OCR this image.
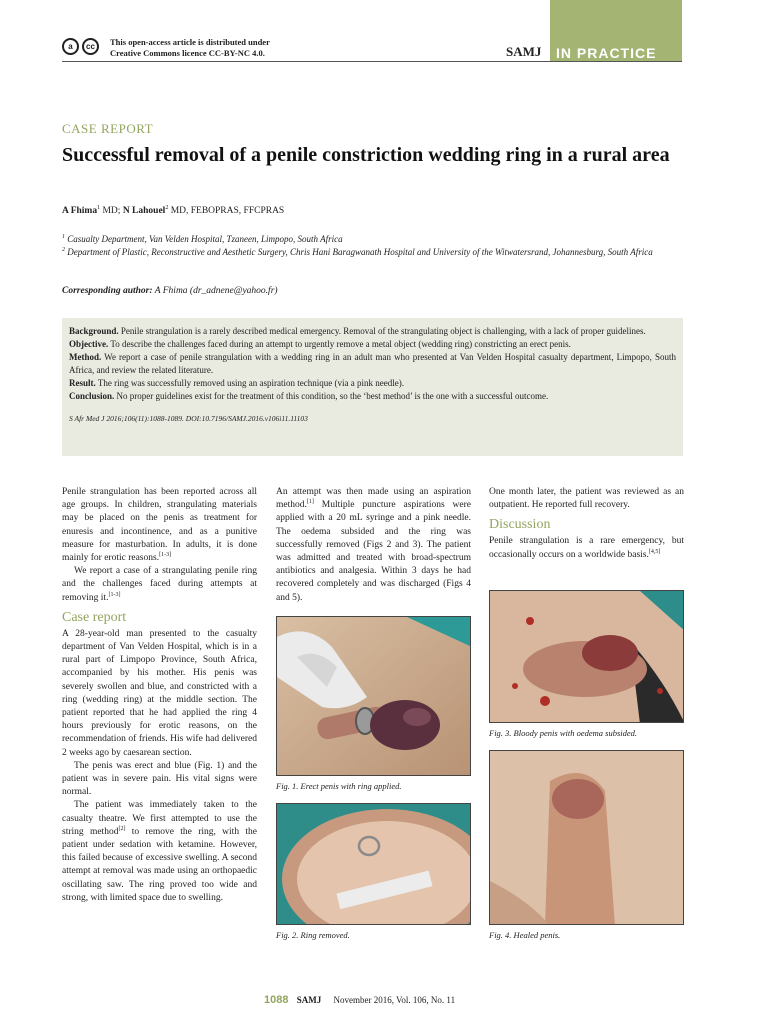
a	cc	This open-access article is distributed under
Creative Commons licence CC-BY-NC 4.0.	SAMJ IN PRACTICE
CASE REPORT
Successful removal of a penile constriction wedding ring in a rural area
A Fhima$^1$ MD; N Lahouel$^2$ MD, FEBOPRAS, FFCPRAS
$^1$ Casualty Department, Van Velden Hospital, Tzaneen, Limpopo, South Africa
$^2$ Department of Plastic, Reconstructive and Aesthetic Surgery, Chris Hani Baragwanath Hospital and University of the Witwatersrand, Johannesburg, South Africa
Corresponding author: A Fhima (dr_adnene@yahoo.fr)

Background. Penile strangulation is a rarely described medical emergency. Removal of the strangulating object is challenging, with a lack of proper guidelines.

Objective. To describe the challenges faced during an attempt to urgently remove a metal object (wedding ring) constricting an erect penis.

Method. We report a case of penile strangulation with a wedding ring in an adult man who presented at Van Velden Hospital casualty department, Limpopo, South Africa, and review the related literature.

Result. The ring was successfully removed using an aspiration technique (via a pink needle).

Conclusion. No proper guidelines exist for the treatment of this condition, so the ‘best method’ is the one with a successful outcome.

S Afr Med J 2016;106(11):1088-1089. DOI:10.7196/SAMJ.2016.v106i11.11103

Penile strangulation has been reported across all age groups. In children, strangulating materials may be placed on the penis as treatment for enuresis and incontinence, and as a punitive measure for masturbation. In adults, it is done mainly for erotic reasons.[1-3]

We report a case of a strangulating penile ring and the challenges faced during attempts at removing it.[1-3]

Case report

A 28-year-old man presented to the casualty department of Van Velden Hospital, which is in a rural part of Limpopo Province, South Africa, accompanied by his mother. His penis was severely swollen and blue, and constricted with a ring (wedding ring) at the middle section. The patient reported that he had applied the ring 4 hours previously for erotic reasons, on the recommendation of friends. His wife had delivered 2 weeks ago by caesarean section.

The penis was erect and blue (Fig. 1) and the patient was in severe pain. His vital signs were normal.

The patient was immediately taken to the casualty theatre. We first attempted to use the string method[2] to remove the ring, with the patient under sedation with ketamine. However, this failed because of excessive swelling. A second attempt at removal was made using an orthopaedic oscillating saw. The ring proved too wide and strong, with limited space due to swelling.

An attempt was then made using an aspiration method.[1] Multiple puncture aspirations were applied with a 20 mL syringe and a pink needle. The oedema subsided and the ring was successfully removed (Figs 2 and 3). The patient was admitted and treated with broad-spectrum antibiotics and analgesia. Within 3 days he had recovered completely and was discharged (Figs 4 and 5).

Fig. 1. Erect penis with ring applied.
Fig. 2. Ring removed.

One month later, the patient was reviewed as an outpatient. He reported full recovery.

Discussion

Penile strangulation is a rare emergency, but occasionally occurs on a worldwide basis.[4,5]

Fig. 3. Bloody penis with oedema subsided.
Fig. 4. Healed penis.
1088 SAMJ November 2016, Vol. 106, No. 11
